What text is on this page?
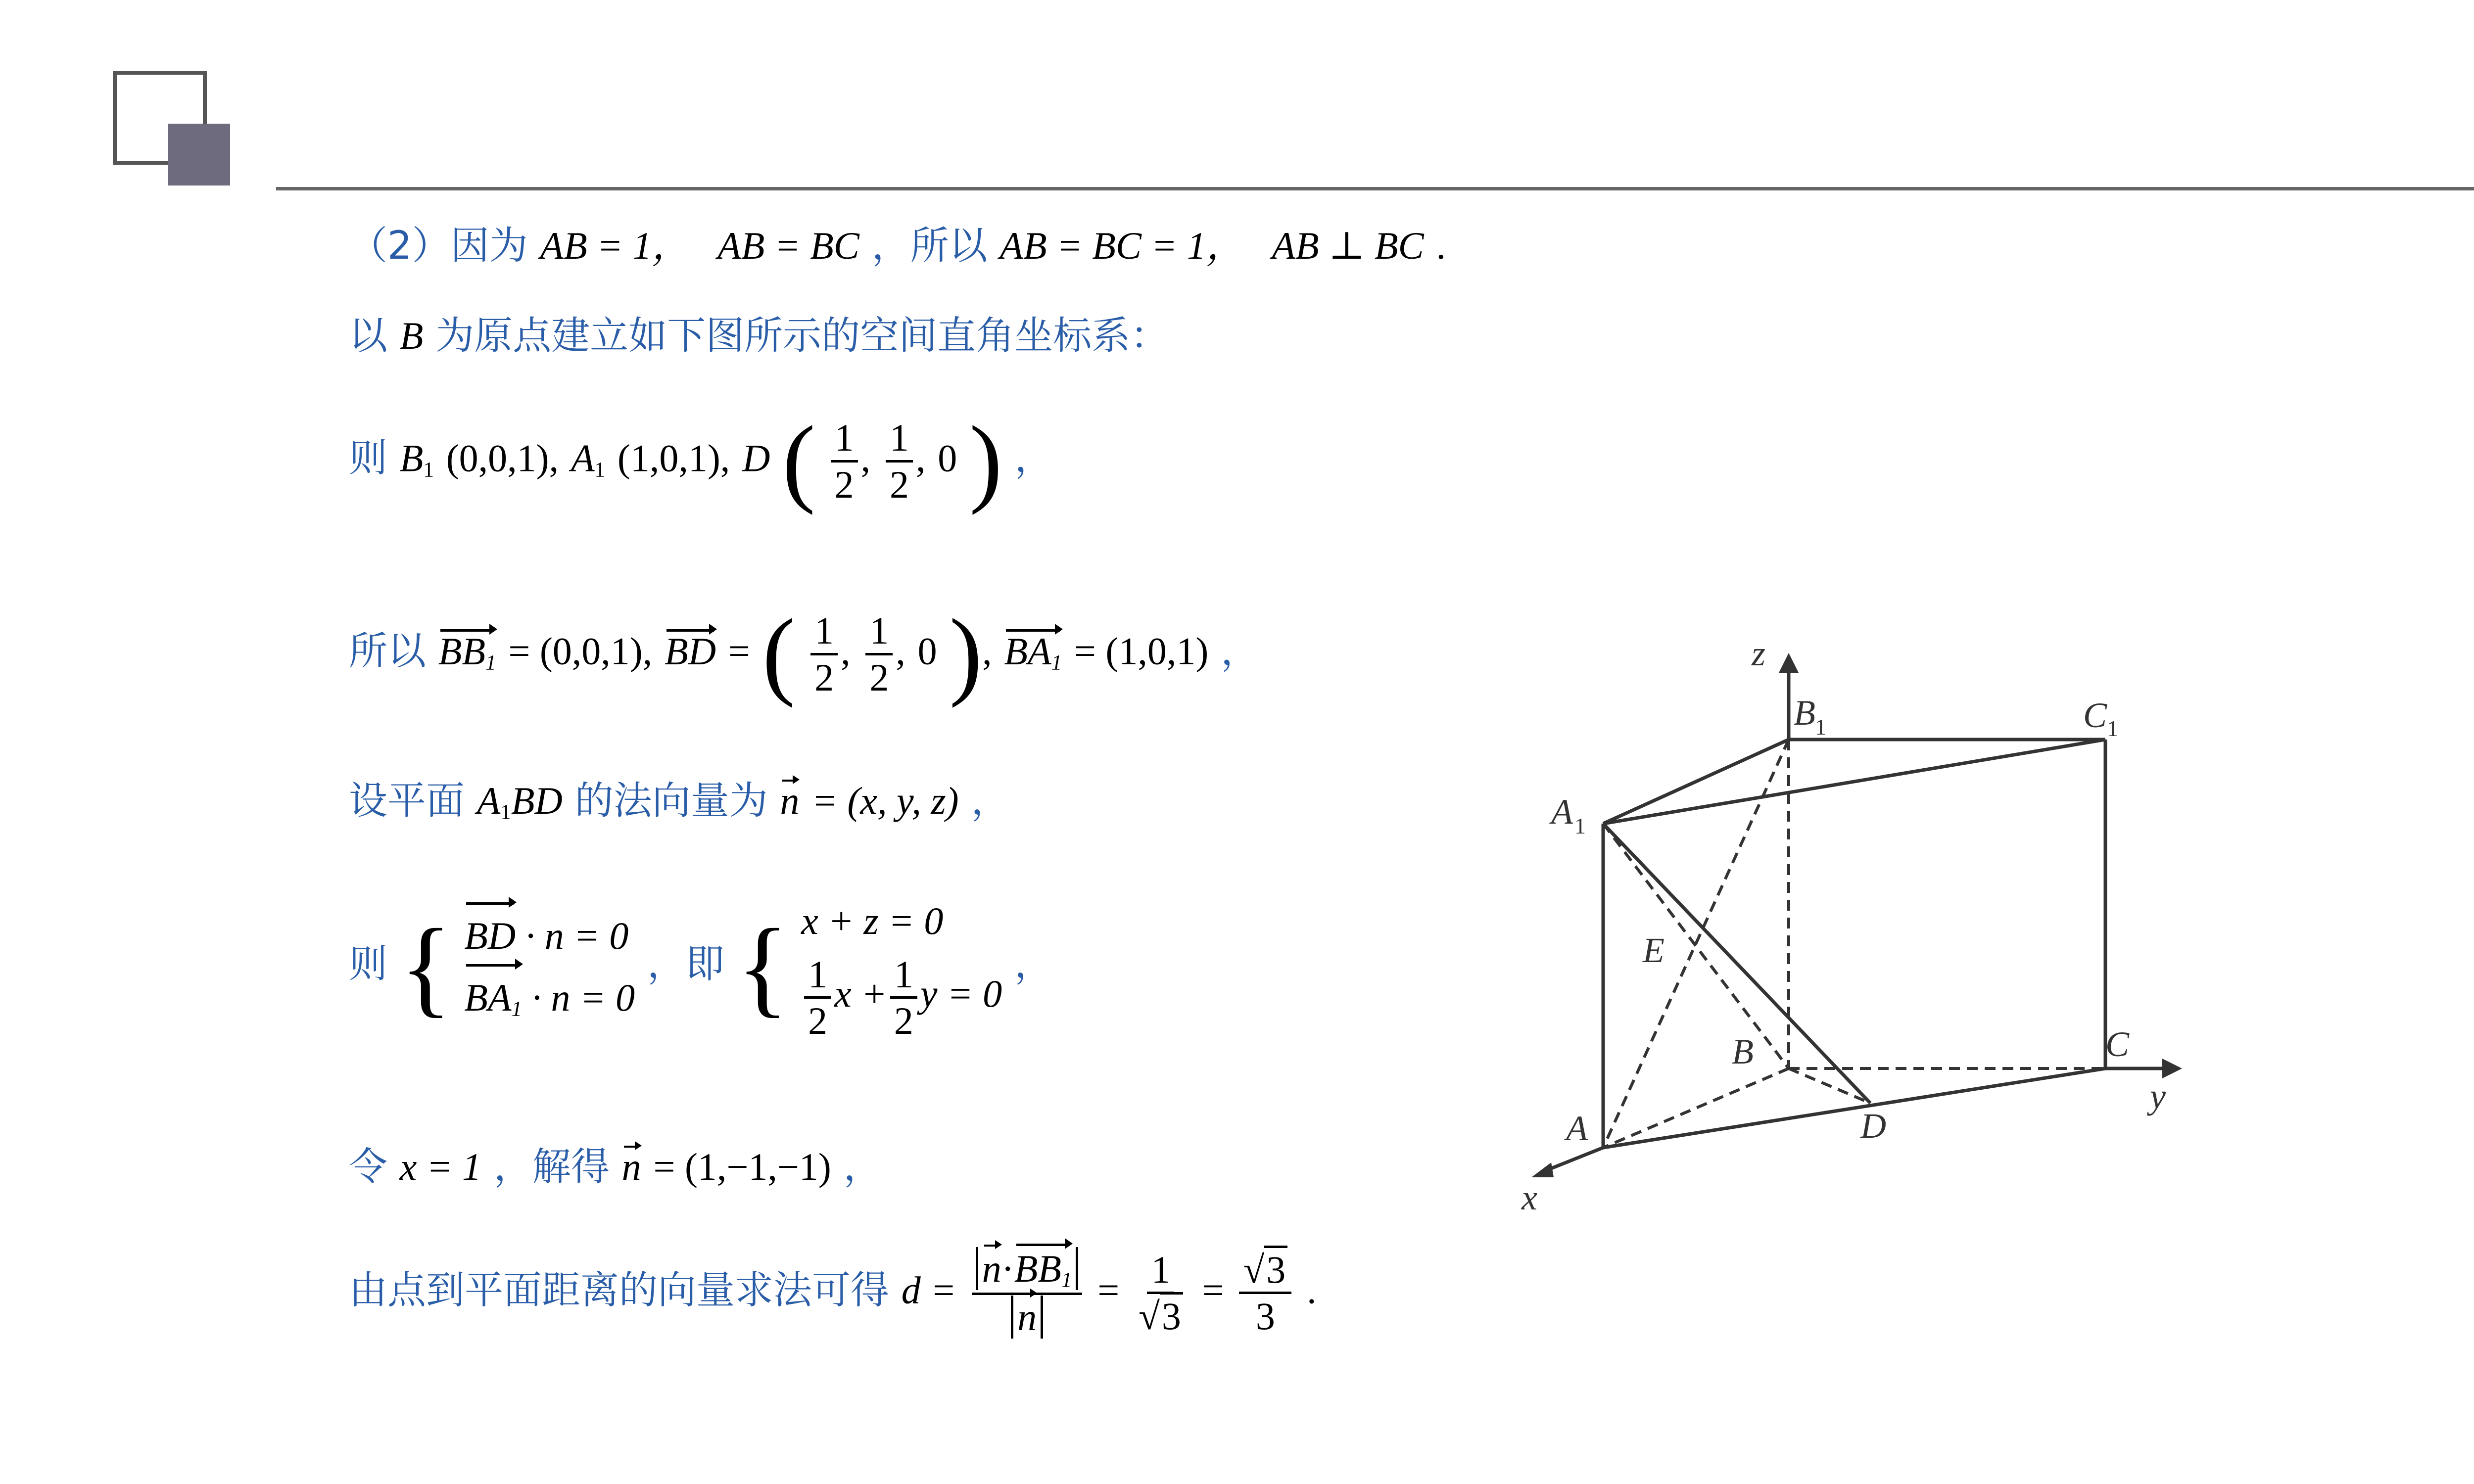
（2）因为 AB = 1， AB = BC ，所以 AB = BC = 1， AB ⊥ BC .
以 B 为原点建立如下图所示的空间直角坐标系：
则 $B_1$ (0,0,1), $A_1$ (1,0,1), D ( $\frac{1}{2}$ , $\frac{1}{2}$ , 0 ) ，
所以 $BB_1 = (0,0,1)$, BD = ( $\frac{1}{2}$ , $\frac{1}{2}$ , 0 ), $BA_1 = (1,0,1)$ ，
设平面 $A_1BD$ 的法向量为 n = (x, y, z) ，
则 { BD · n = 0
$BA_1 \cdot n = 0$
，即 { x + z = 0
$\frac{1}{2}$ $x + \frac{1}{2}$ y = 0
，
令 x = 1 ，解得 n = (1,−1,−1) ，
由点到平面距离的向量求法可得 $d = \frac{n\cdot BB_1}{n} = \frac{1}{√3} = \frac{√3}{3}$ .
z
B 1	C 1
A 1
E
B	C
A	D
x
y
